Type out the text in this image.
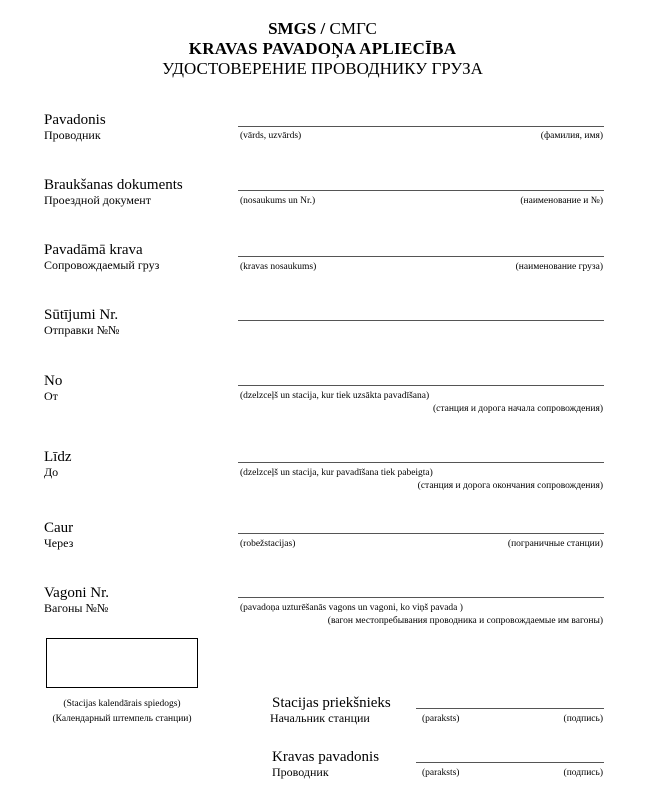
SMGS / СМГС
KRAVAS PAVADOŅA APLIECĪBA
УДОСТОВЕРЕНИЕ ПРОВОДНИКУ ГРУЗА
Pavadonis
Проводник	(vārds, uzvārds)	(фамилия, имя)
Braukšanas dokuments
Проездной документ	(nosaukums un Nr.)	(наименование и №)
Pavadāmā krava
Сопровождаемый груз	(kravas nosaukums)	(наименование груза)
Sūtījumi Nr.
Отправки №№
No
От	(dzelzceļš un stacija, kur tiek uzsākta pavadīšana)
(станция и дорога начала сопровождения)
Līdz
До	(dzelzceļš un stacija, kur pavadīšana tiek pabeigta)
(станция и дорога окончания сопровождения)
Caur
Через	(robežstacijas)	(пограничные станции)
Vagoni Nr.
Вагоны №№	(pavadoņa uzturēšanās vagons un vagoni, ko viņš pavada )
(вагон местопребывания проводника и сопровождаемые им вагоны)
(Stacijas kalendārais spiedogs)
(Календарный штемпель станции)
Stacijas priekšnieks
Начальник станции	(paraksts)	(подпись)
Kravas pavadonis
Проводник	(paraksts)	(подпись)
